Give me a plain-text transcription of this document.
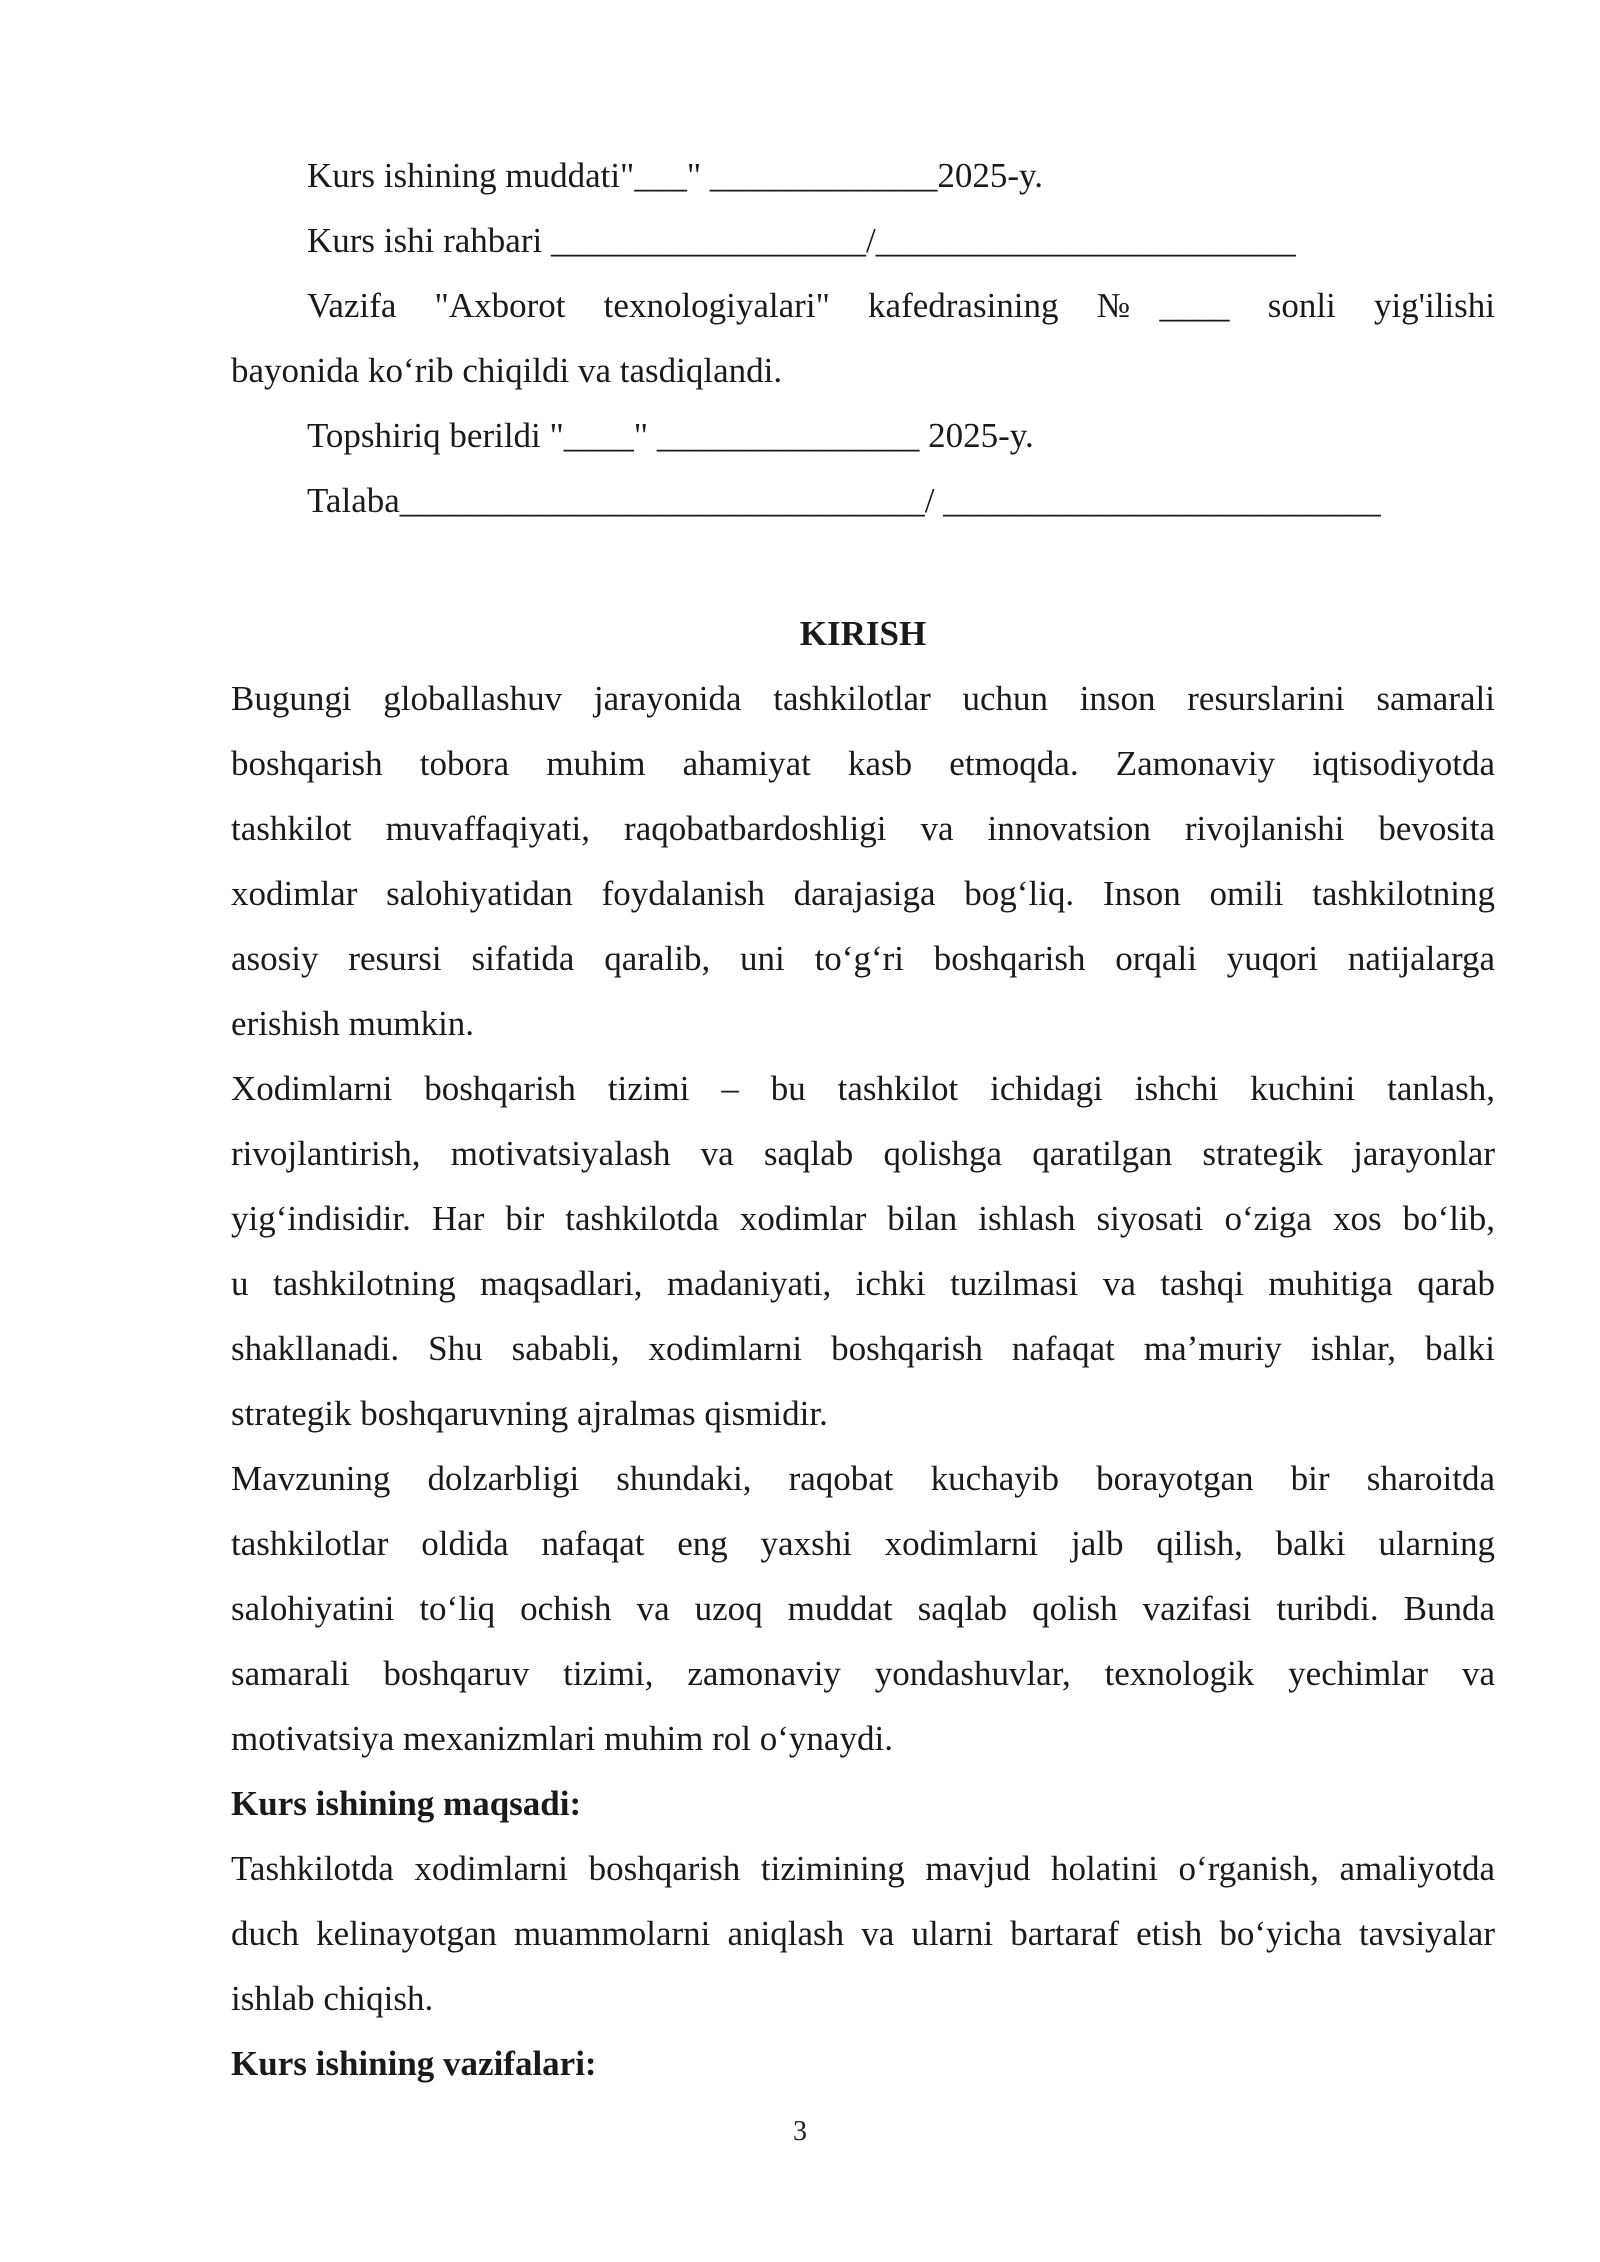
Kurs ishining muddati"___" _____________2025-y.
Kurs ishi rahbari __________________/________________________
Vazifa "Axborot texnologiyalari" kafedrasining №____ sonli yig'ilishi
bayonida koʻrib chiqildi va tasdiqlandi.
Topshiriq berildi "____" _______________ 2025-y.
Talaba______________________________/ _________________________
KIRISH
Bugungi globallashuv jarayonida tashkilotlar uchun inson resurslarini samarali
boshqarish tobora muhim ahamiyat kasb etmoqda. Zamonaviy iqtisodiyotda
tashkilot muvaffaqiyati, raqobatbardoshligi va innovatsion rivojlanishi bevosita
xodimlar salohiyatidan foydalanish darajasiga bogʻliq. Inson omili tashkilotning
asosiy resursi sifatida qaralib, uni toʻgʻri boshqarish orqali yuqori natijalarga
erishish mumkin.
Xodimlarni boshqarish tizimi – bu tashkilot ichidagi ishchi kuchini tanlash,
rivojlantirish, motivatsiyalash va saqlab qolishga qaratilgan strategik jarayonlar
yigʻindisidir. Har bir tashkilotda xodimlar bilan ishlash siyosati oʻziga xos boʻlib,
u tashkilotning maqsadlari, madaniyati, ichki tuzilmasi va tashqi muhitiga qarab
shakllanadi. Shu sababli, xodimlarni boshqarish nafaqat maʼmuriy ishlar, balki
strategik boshqaruvning ajralmas qismidir.
Mavzuning dolzarbligi shundaki, raqobat kuchayib borayotgan bir sharoitda
tashkilotlar oldida nafaqat eng yaxshi xodimlarni jalb qilish, balki ularning
salohiyatini toʻliq ochish va uzoq muddat saqlab qolish vazifasi turibdi. Bunda
samarali boshqaruv tizimi, zamonaviy yondashuvlar, texnologik yechimlar va
motivatsiya mexanizmlari muhim rol oʻynaydi.
Kurs ishining maqsadi:
Tashkilotda xodimlarni boshqarish tizimining mavjud holatini oʻrganish, amaliyotda
duch kelinayotgan muammolarni aniqlash va ularni bartaraf etish boʻyicha tavsiyalar
ishlab chiqish.
Kurs ishining vazifalari:
3
